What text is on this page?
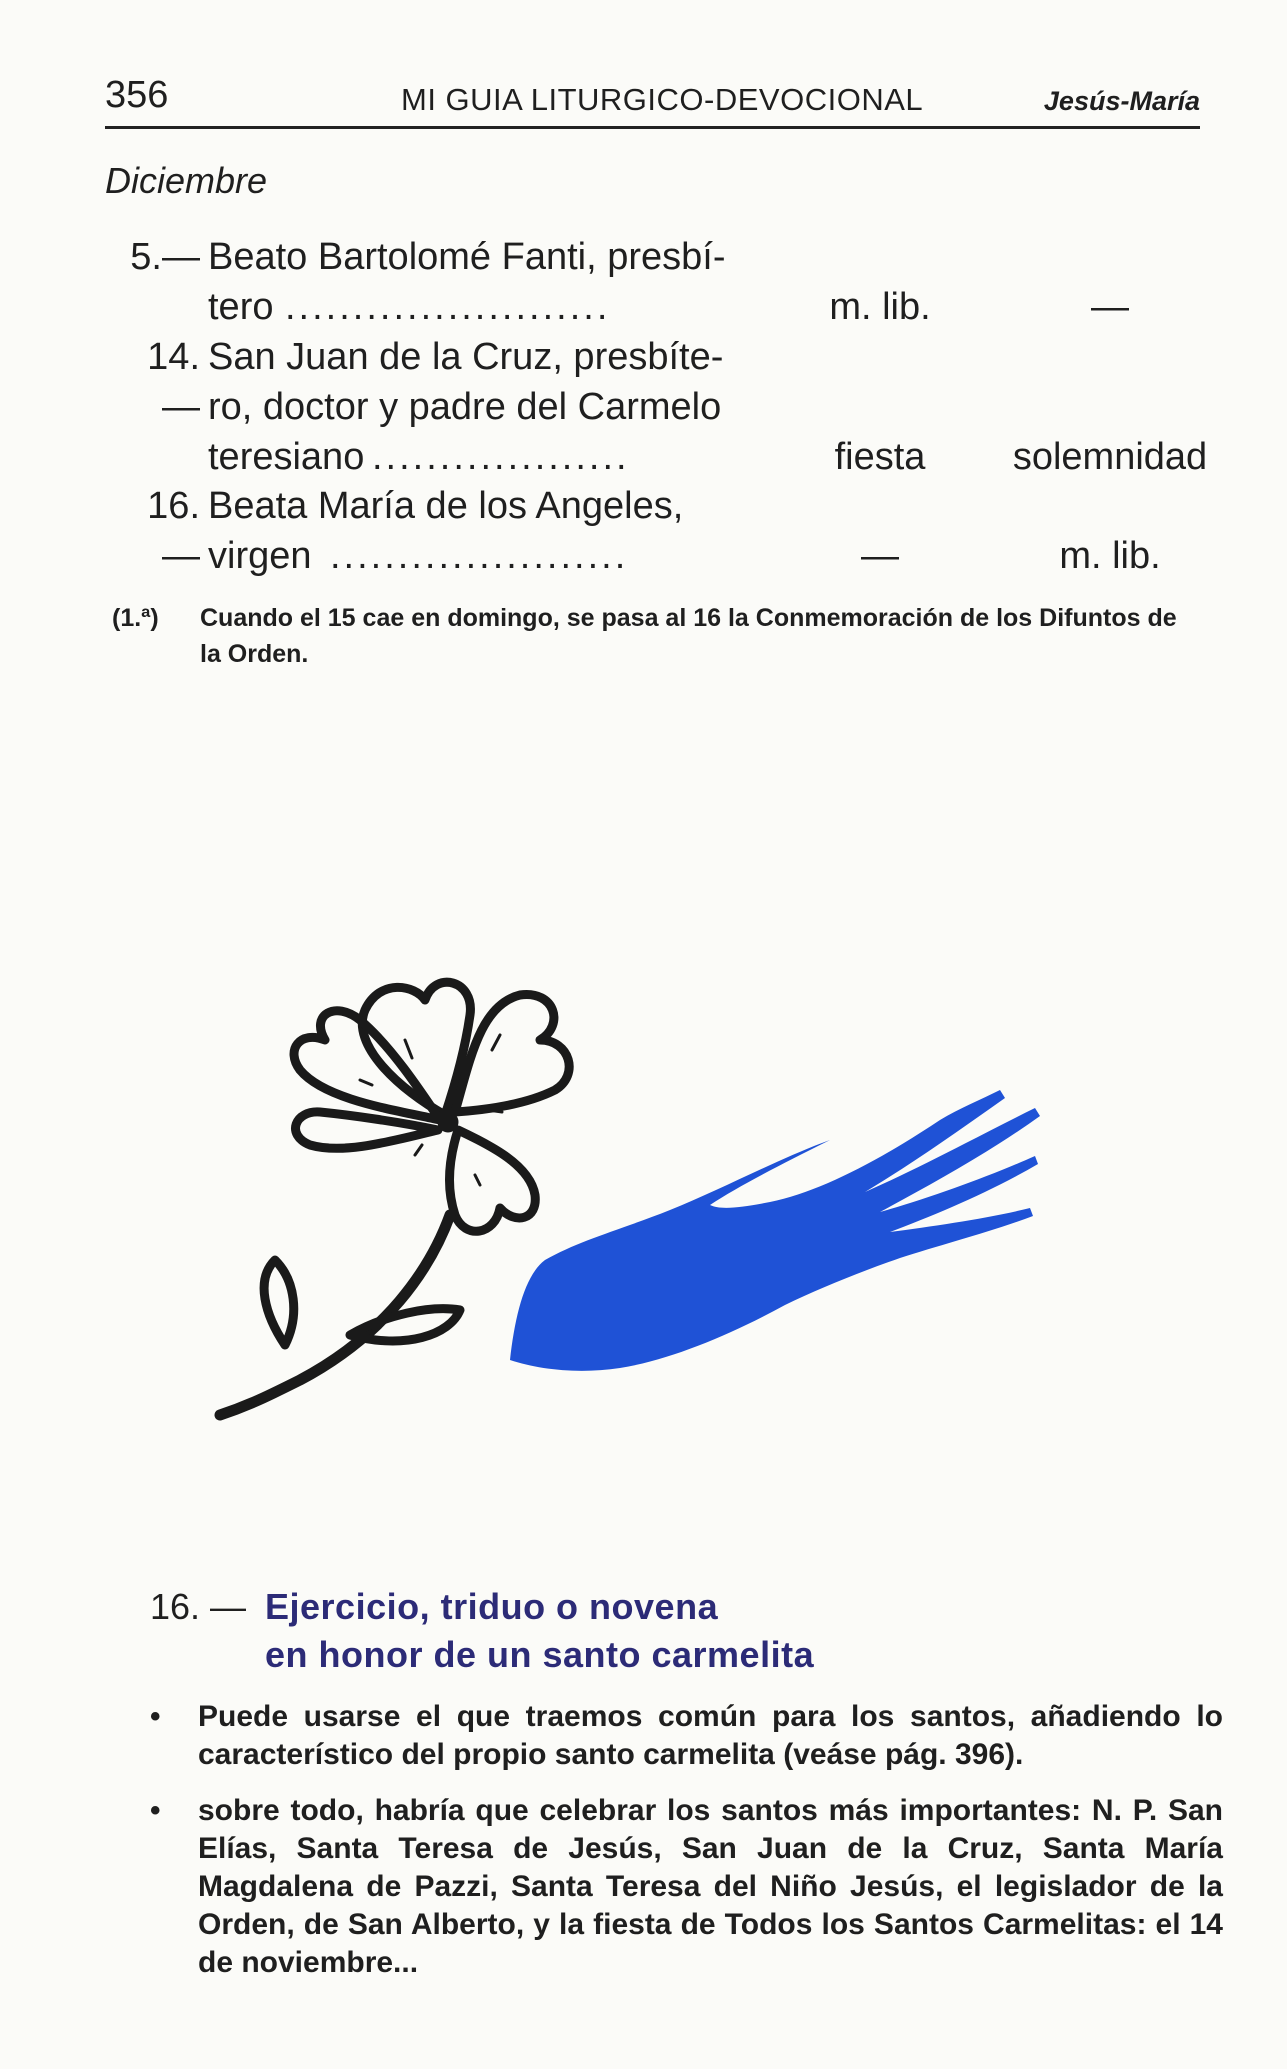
356	MI GUIA LITURGICO-DEVOCIONAL	Jesús-María
Diciembre
5.— Beato Bartolomé Fanti, presbí-
tero ........................	m. lib.	—
14.—
San Juan de la Cruz, presbíte-
ro, doctor y padre del Carmelo
teresiano ...................	fiesta	solemnidad
16.—
Beata María de los Angeles,
virgen ......................	—	m. lib.
(1.ª) Cuando el 15 cae en domingo, se pasa al 16 la Conmemoración de los Difuntos de la Orden.
16. — Ejercicio, triduo o novena
en honor de un santo carmelita
•	Puede usarse el que traemos común para los santos, añadiendo lo característico del propio santo carmelita (veáse pág. 396).
•	sobre todo, habría que celebrar los santos más importantes: N. P. San Elías, Santa Teresa de Jesús, San Juan de la Cruz, Santa María Magdalena de Pazzi, Santa Teresa del Niño Jesús, el legislador de la Orden, de San Alberto, y la fiesta de Todos los Santos Carmelitas: el 14 de noviembre...
